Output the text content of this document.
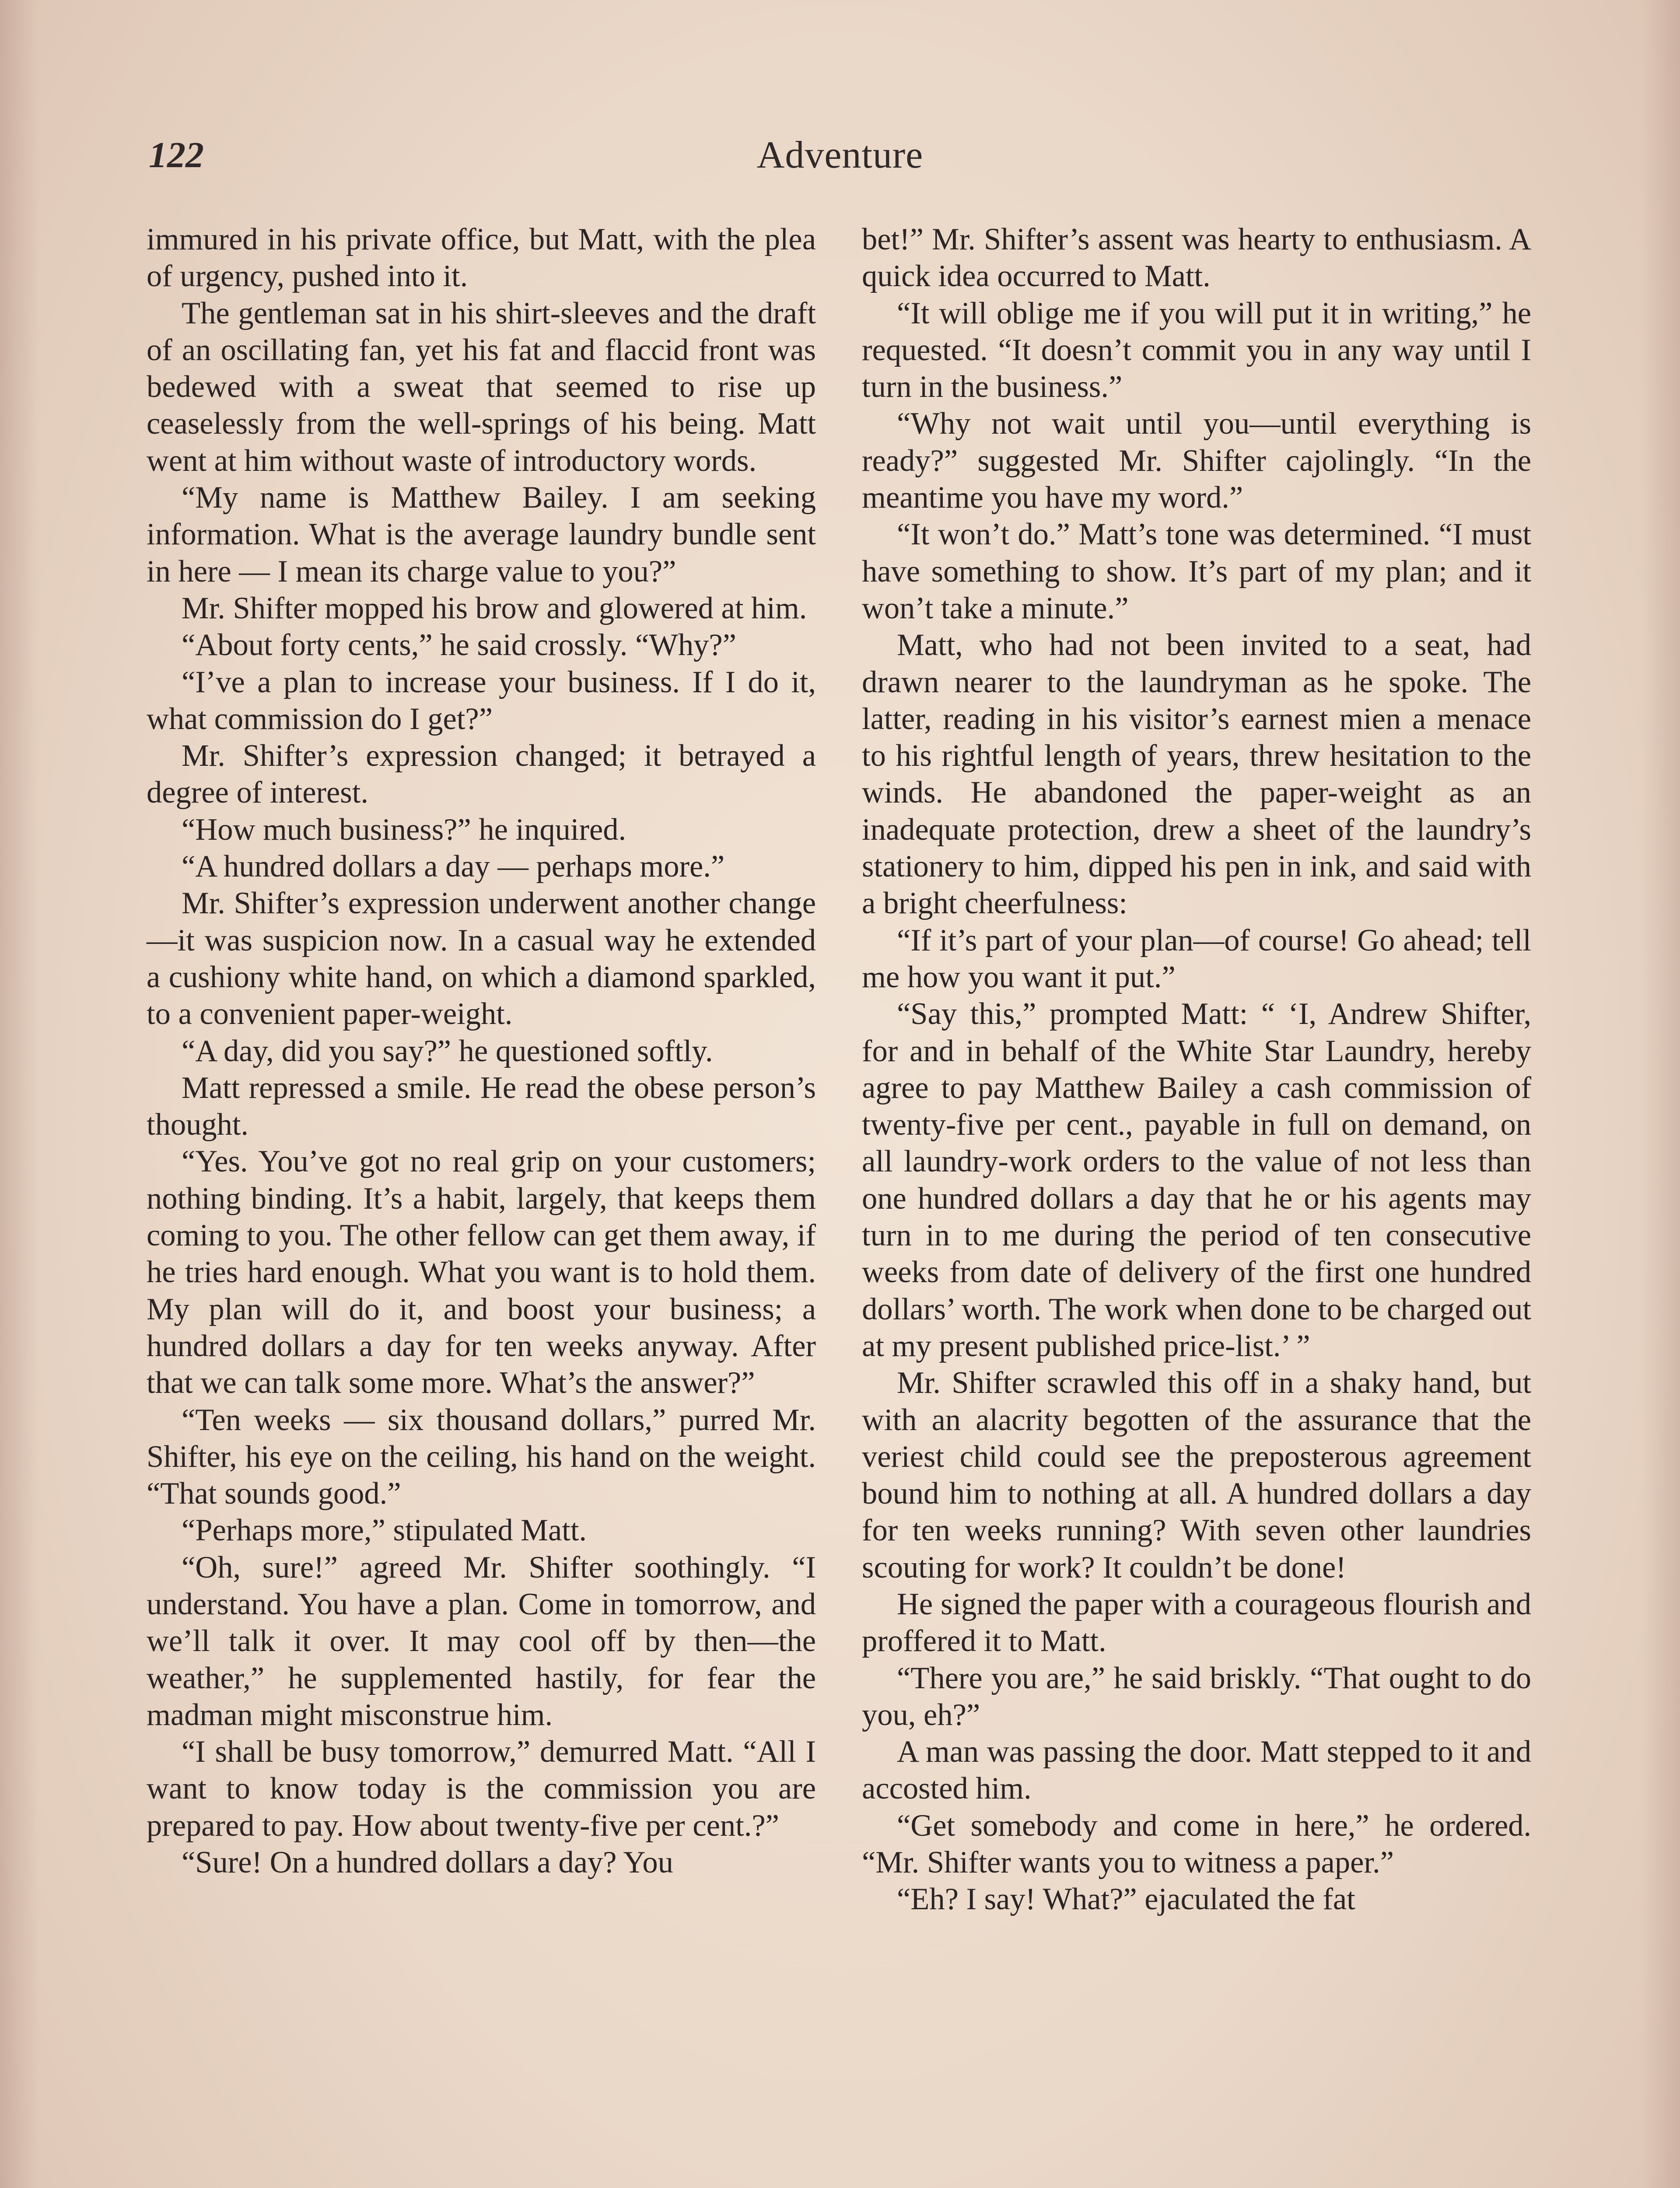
122	Adventure

immured in his private office, but Matt, with the plea of urgency, pushed into it.

The gentleman sat in his shirt-sleeves and the draft of an oscillating fan, yet his fat and flaccid front was bedewed with a sweat that seemed to rise up ceaselessly from the well-springs of his being. Matt went at him without waste of introductory words.

“My name is Matthew Bailey. I am seeking information. What is the average laundry bundle sent in here — I mean its charge value to you?”

Mr. Shifter mopped his brow and glowered at him.

“About forty cents,” he said crossly. “Why?”

“I’ve a plan to increase your business. If I do it, what commission do I get?”

Mr. Shifter’s expression changed; it betrayed a degree of interest.

“How much business?” he inquired.

“A hundred dollars a day — perhaps more.”

Mr. Shifter’s expression underwent another change—it was suspicion now. In a casual way he extended a cushiony white hand, on which a diamond sparkled, to a convenient paper-weight.

“A day, did you say?” he questioned softly.

Matt repressed a smile. He read the obese person’s thought.

“Yes. You’ve got no real grip on your customers; nothing binding. It’s a habit, largely, that keeps them coming to you. The other fellow can get them away, if he tries hard enough. What you want is to hold them. My plan will do it, and boost your business; a hundred dollars a day for ten weeks anyway. After that we can talk some more. What’s the answer?”

“Ten weeks — six thousand dollars,” purred Mr. Shifter, his eye on the ceiling, his hand on the weight. “That sounds good.”

“Perhaps more,” stipulated Matt.

“Oh, sure!” agreed Mr. Shifter soothingly. “I understand. You have a plan. Come in tomorrow, and we’ll talk it over. It may cool off by then—the weather,” he supplemented hastily, for fear the madman might misconstrue him.

“I shall be busy tomorrow,” demurred Matt. “All I want to know today is the commission you are prepared to pay. How about twenty-five per cent.?”

“Sure! On a hundred dollars a day? You

bet!” Mr. Shifter’s assent was hearty to enthusiasm. A quick idea occurred to Matt.

“It will oblige me if you will put it in writing,” he requested. “It doesn’t commit you in any way until I turn in the business.”

“Why not wait until you—until everything is ready?” suggested Mr. Shifter cajolingly. “In the meantime you have my word.”

“It won’t do.” Matt’s tone was determined. “I must have something to show. It’s part of my plan; and it won’t take a minute.”

Matt, who had not been invited to a seat, had drawn nearer to the laundryman as he spoke. The latter, reading in his visitor’s earnest mien a menace to his rightful length of years, threw hesitation to the winds. He abandoned the paper-weight as an inadequate protection, drew a sheet of the laundry’s stationery to him, dipped his pen in ink, and said with a bright cheerfulness:

“If it’s part of your plan—of course! Go ahead; tell me how you want it put.”

“Say this,” prompted Matt: “ ‘I, Andrew Shifter, for and in behalf of the White Star Laundry, hereby agree to pay Matthew Bailey a cash commission of twenty-five per cent., payable in full on demand, on all laundry-work orders to the value of not less than one hundred dollars a day that he or his agents may turn in to me during the period of ten consecutive weeks from date of delivery of the first one hundred dollars’ worth. The work when done to be charged out at my present published price-list.’ ”

Mr. Shifter scrawled this off in a shaky hand, but with an alacrity begotten of the assurance that the veriest child could see the preposterous agreement bound him to nothing at all. A hundred dollars a day for ten weeks running? With seven other laundries scouting for work? It couldn’t be done!

He signed the paper with a courageous flourish and proffered it to Matt.

“There you are,” he said briskly. “That ought to do you, eh?”

A man was passing the door. Matt stepped to it and accosted him.

“Get somebody and come in here,” he ordered. “Mr. Shifter wants you to witness a paper.”

“Eh? I say! What?” ejaculated the fat
